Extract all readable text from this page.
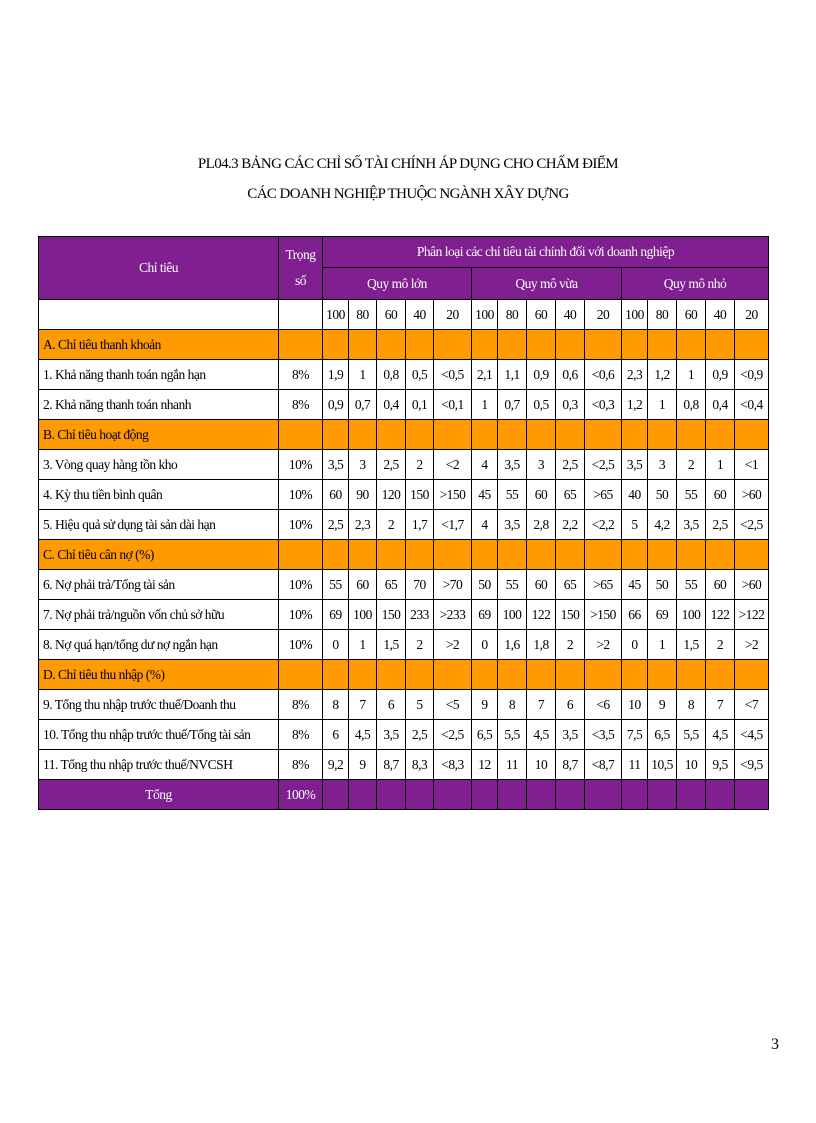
PL04.3 BẢNG CÁC CHỈ SỐ TÀI CHÍNH ÁP DỤNG CHO CHẤM ĐIỂM
CÁC DOANH NGHIỆP THUỘC NGÀNH XÂY DỰNG
Chỉ tiêu	Trọng số	Phân loại các chỉ tiêu tài chính đối với doanh nghiệp														
		Quy mô lớn					Quy mô vừa					Quy mô nhỏ				
		100	80	60	40	20	100	80	60	40	20	100	80	60	40	20
A. Chỉ tiêu thanh khoản																
1. Khả năng thanh toán ngắn hạn	8%	1,9	1	0,8	0,5	<0,5	2,1	1,1	0,9	0,6	<0,6	2,3	1,2	1	0,9	<0,9
2. Khả năng thanh toán nhanh	8%	0,9	0,7	0,4	0,1	<0,1	1	0,7	0,5	0,3	<0,3	1,2	1	0,8	0,4	<0,4
B. Chỉ tiêu hoạt động																
3. Vòng quay hàng tồn kho	10%	3,5	3	2,5	2	<2	4	3,5	3	2,5	<2,5	3,5	3	2	1	<1
4. Kỳ thu tiền bình quân	10%	60	90	120	150	>150	45	55	60	65	>65	40	50	55	60	>60
5. Hiệu quả sử dụng tài sản dài hạn	10%	2,5	2,3	2	1,7	<1,7	4	3,5	2,8	2,2	<2,2	5	4,2	3,5	2,5	<2,5
C. Chỉ tiêu cân nợ (%)																
6. Nợ phải trả/Tổng tài sản	10%	55	60	65	70	>70	50	55	60	65	>65	45	50	55	60	>60
7. Nợ phải trả/nguồn vốn chủ sở hữu	10%	69	100	150	233	>233	69	100	122	150	>150	66	69	100	122	>122
8. Nợ quá hạn/tổng dư nợ ngắn hạn	10%	0	1	1,5	2	>2	0	1,6	1,8	2	>2	0	1	1,5	2	>2
D. Chỉ tiêu thu nhập (%)																
9. Tổng thu nhập trước thuế/Doanh thu	8%	8	7	6	5	<5	9	8	7	6	<6	10	9	8	7	<7
10. Tổng thu nhập trước thuế/Tổng tài sản	8%	6	4,5	3,5	2,5	<2,5	6,5	5,5	4,5	3,5	<3,5	7,5	6,5	5,5	4,5	<4,5
11. Tổng thu nhập trước thuế/NVCSH	8%	9,2	9	8,7	8,3	<8,3	12	11	10	8,7	<8,7	11	10,5	10	9,5	<9,5
Tổng	100%															
3
